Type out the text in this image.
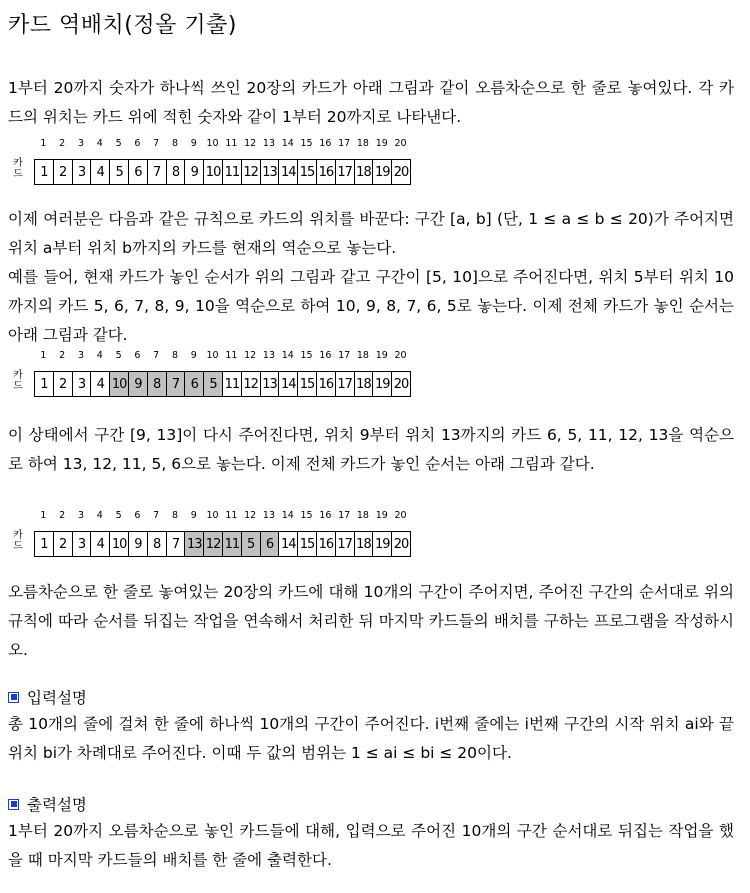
카드 역배치(정올 기출)

1부터 20까지 숫자가 하나씩 쓰인 20장의 카드가 아래 그림과 같이 오름차순으로 한 줄로 놓여있다. 각 카드의 위치는 카드 위에 적힌 숫자와 같이 1부터 20까지로 나타낸다.

1	2	3	4	5	6	7	8	9	10 11 12 13 14 15 16 17 18 19 20
카
드	1 2 3 4 5 6 7 8 9 10 11 12 13 14 15 16 17 18 19 20

이제 여러분은 다음과 같은 규칙으로 카드의 위치를 바꾼다: 구간 [a, b] (단, 1 ≤ a ≤ b ≤ 20)가 주어지면 위치 a부터 위치 b까지의 카드를 현재의 역순으로 놓는다.
예를 들어, 현재 카드가 놓인 순서가 위의 그림과 같고 구간이 [5, 10]으로 주어진다면, 위치 5부터 위치 10까지의 카드 5, 6, 7, 8, 9, 10을 역순으로 하여 10, 9, 8, 7, 6, 5로 놓는다. 이제 전체 카드가 놓인 순서는 아래 그림과 같다.

1	2	3	4	5	6	7	8	9	10 11 12 13 14 15 16 17 18 19 20
카
드	1 2 3 4 10 9 8 7 6 5 11 12 13 14 15 16 17 18 19 20

이 상태에서 구간 [9, 13]이 다시 주어진다면, 위치 9부터 위치 13까지의 카드 6, 5, 11, 12, 13을 역순으로 하여 13, 12, 11, 5, 6으로 놓는다. 이제 전체 카드가 놓인 순서는 아래 그림과 같다.

1	2	3	4	5	6	7	8	9	10 11 12 13 14 15 16 17 18 19 20
카
드	1 2 3 4 10 9 8 7 13 12 11 5 6 14 15 16 17 18 19 20

오름차순으로 한 줄로 놓여있는 20장의 카드에 대해 10개의 구간이 주어지면, 주어진 구간의 순서대로 위의 규칙에 따라 순서를 뒤집는 작업을 연속해서 처리한 뒤 마지막 카드들의 배치를 구하는 프로그램을 작성하시오.

입력설명

총 10개의 줄에 걸쳐 한 줄에 하나씩 10개의 구간이 주어진다. i번째 줄에는 i번째 구간의 시작 위치 ai와 끝 위치 bi가 차례대로 주어진다. 이때 두 값의 범위는 1 ≤ ai ≤ bi ≤ 20이다.

출력설명

1부터 20까지 오름차순으로 놓인 카드들에 대해, 입력으로 주어진 10개의 구간 순서대로 뒤집는 작업을 했을 때 마지막 카드들의 배치를 한 줄에 출력한다.
